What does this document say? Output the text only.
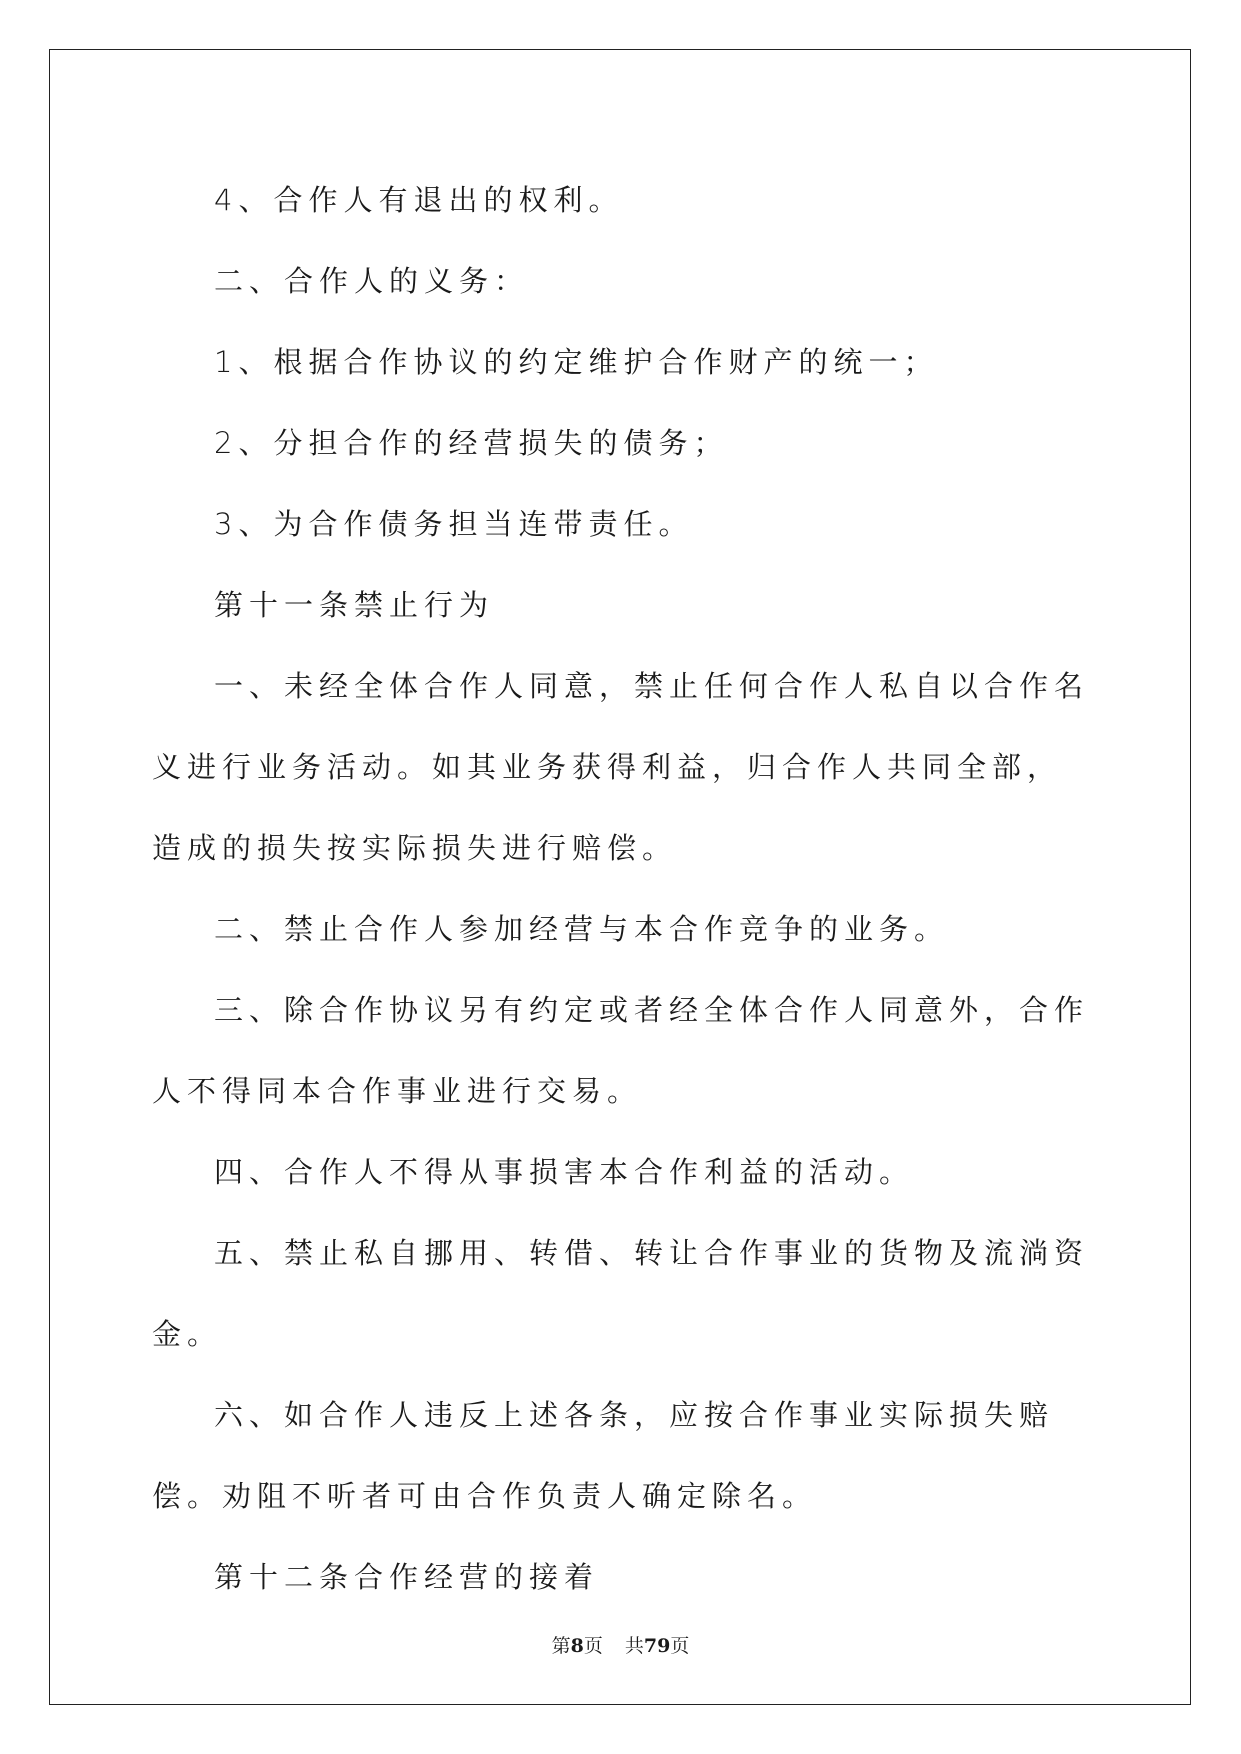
4、合作人有退出的权利。

二、合作人的义务：

1、根据合作协议的约定维护合作财产的统一；

2、分担合作的经营损失的债务；

3、为合作债务担当连带责任。

第十一条禁止行为

一、未经全体合作人同意，禁止任何合作人私自以合作名义进行业务活动。如其业务获得利益，归合作人共同全部，造成的损失按实际损失进行赔偿。

二、禁止合作人参加经营与本合作竞争的业务。

三、除合作协议另有约定或者经全体合作人同意外，合作人不得同本合作事业进行交易。

四、合作人不得从事损害本合作利益的活动。

五、禁止私自挪用、转借、转让合作事业的货物及流淌资金。

六、如合作人违反上述各条，应按合作事业实际损失赔偿。劝阻不听者可由合作负责人确定除名。

第十二条合作经营的接着

第8页 共79页
